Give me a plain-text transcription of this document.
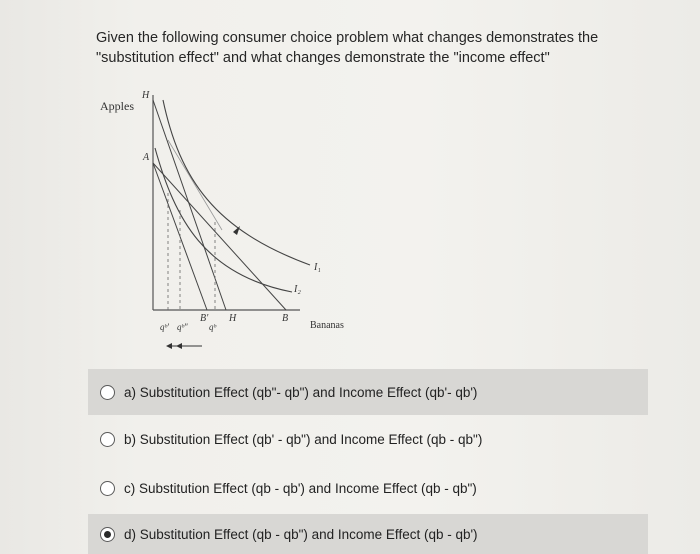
Given the following consumer choice problem what changes demonstrates the
"substitution effect" and what changes demonstrate the "income effect"
Apples
H
A
I₁
I₂
B' H	B
Bananas
qᵇ' qᵇ" qᵇ
a) Substitution Effect (qb"- qb") and Income Effect (qb'- qb')
b) Substitution Effect (qb' - qb") and Income Effect (qb - qb")
c) Substitution Effect (qb - qb') and Income Effect (qb - qb")
d) Substitution Effect (qb - qb") and Income Effect (qb - qb')
